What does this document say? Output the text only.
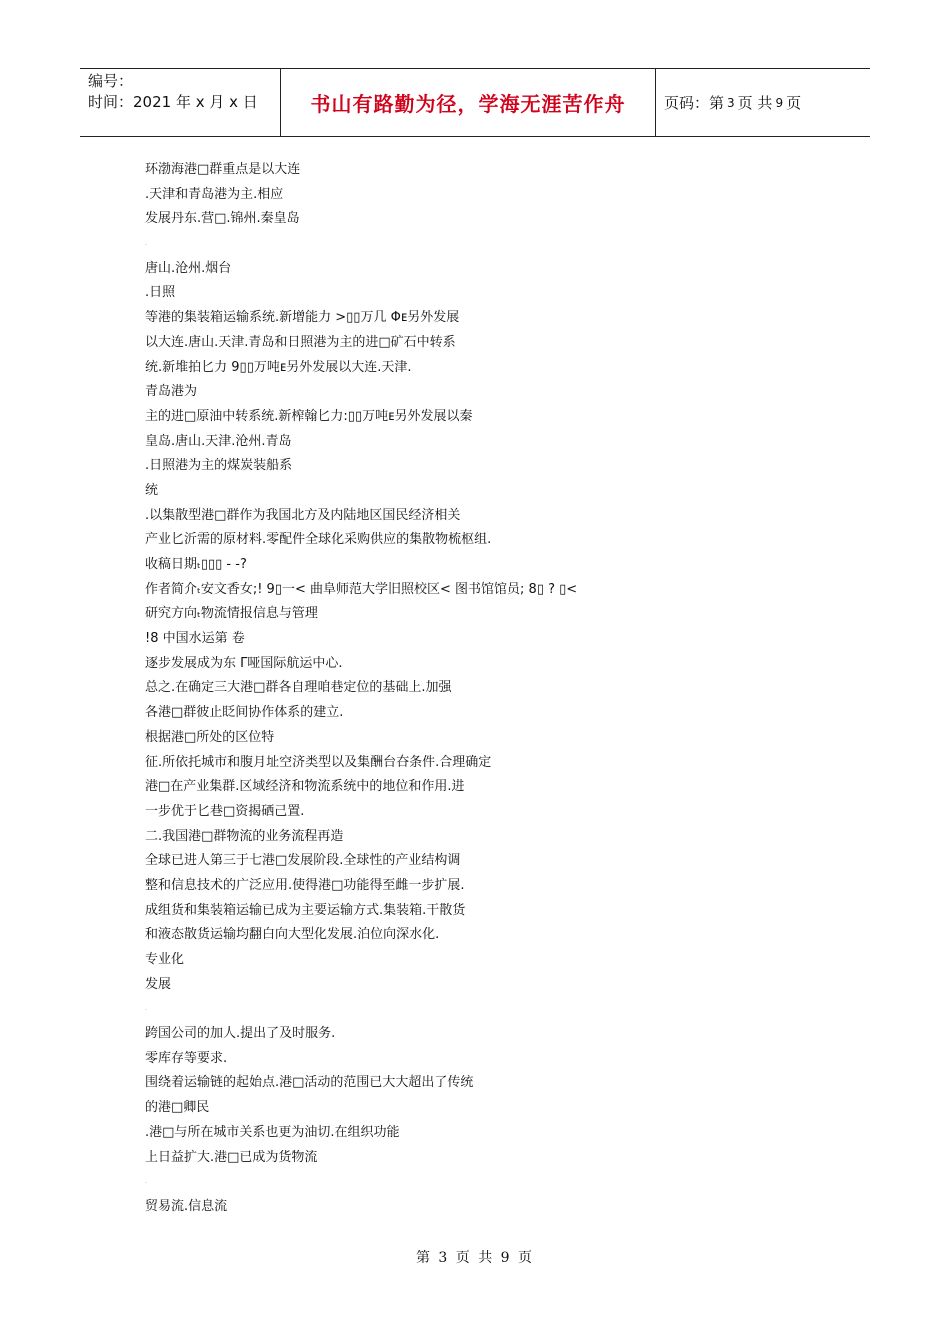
编号：
时间：2021 年 x 月 x 日	书山有路勤为径，学海无涯苦作舟	页码：第 3 页 共 9 页
环渤海港□群重点是以大连
.天津和青岛港为主.相应
发展丹东.营□.锦州.秦皇岛
.
唐山.沧州.烟台
.日照
等港的集装箱运输系统.新增能力 >▯▯万几 Φᴇ另外发展
以大连.唐山.天津.青岛和日照港为主的进□矿石中转系
统.新堆拍匕力 9▯▯万吨ᴇ另外发展以大连.天津.
青岛港为
主的进□原油中转系统.新榨翰匕力:▯▯万吨ᴇ另外发展以秦
皇岛.唐山.天津.沧州.青岛
.日照港为主的煤炭装船系
统
.以集散型港□群作为我国北方及内陆地区国民经济相关
产业匕沂需的原材料.零配件全球化采购供应的集散物梳枢组.
收稿日期ₜ▯▯▯ - -?
作者简介ₜ安文香女;! 9▯一< 曲阜师范大学旧照校区< 图书馆馆员; 8▯ ? ▯<
研究方向ₜ物流情报信息与管理
!8 中国水运第 卷
逐步发展成为东 Γ哑国际航运中心.
总之.在确定三大港□群各自理咱巷定位的基础上.加强
各港□群彼止眨间协作体系的建立.
根据港□所处的区位特
征.所依托城市和腹月址空济类型以及集酬台夻条件.合理确定
港□在产业集群.区域经济和物流系统中的地位和作用.进
一步优于匕巷□资揭硒己置.
二.我国港□群物流的业务流程再造
全球已进人第三于七港□发展阶段.全球性的产业结构调
整和信息技术的广泛应用.使得港□功能得至雌一步扩展.
成组货和集装箱运输已成为主要运输方式.集装箱.干散货
和液态散货运输均翻白向大型化发展.泊位向深水化.
专业化
发展
.
跨国公司的加人.提出了及时服务.
零库存等要求.
围绕着运输链的起始点.港□活动的范围已大大超出了传统
的港□卿民
.港□与所在城市关系也更为油切.在组织功能
上日益扩大.港□已成为货物流
.
贸易流.信息流
第 3 页 共 9 页
